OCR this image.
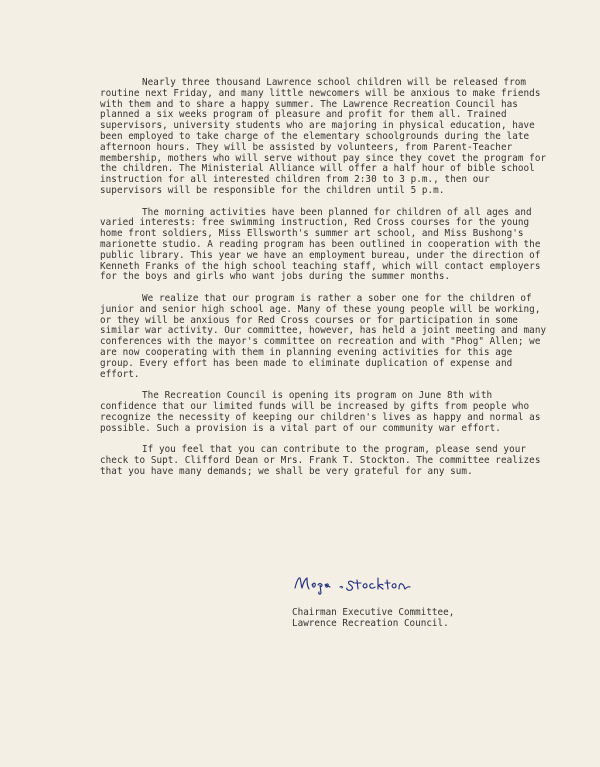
Nearly three thousand Lawrence school children will be released from routine next Friday, and many little newcomers will be anxious to make friends with them and to share a happy summer. The Lawrence Recreation Council has planned a six weeks program of pleasure and profit for them all. Trained supervisors, university students who are majoring in physical education, have been employed to take charge of the elementary schoolgrounds during the late afternoon hours. They will be assisted by volunteers, from Parent-Teacher membership, mothers who will serve without pay since they covet the program for the children. The Ministerial Alliance will offer a half hour of bible school instruction for all interested children from 2:30 to 3 p.m., then our supervisors will be responsible for the children until 5 p.m.

The morning activities have been planned for children of all ages and varied interests: free swimming instruction, Red Cross courses for the young home front soldiers, Miss Ellsworth's summer art school, and Miss Bushong's marionette studio. A reading program has been outlined in cooperation with the public library. This year we have an employment bureau, under the direction of Kenneth Franks of the high school teaching staff, which will contact employers for the boys and girls who want jobs during the summer months.

We realize that our program is rather a sober one for the children of junior and senior high school age. Many of these young people will be working, or they will be anxious for Red Cross courses or for participation in some similar war activity. Our committee, however, has held a joint meeting and many conferences with the mayor's committee on recreation and with "Phog" Allen; we are now cooperating with them in planning evening activities for this age group. Every effort has been made to eliminate duplication of expense and effort.

The Recreation Council is opening its program on June 8th with confidence that our limited funds will be increased by gifts from people who recognize the necessity of keeping our children's lives as happy and normal as possible. Such a provision is a vital part of our community war effort.

If you feel that you can contribute to the program, please send your check to Supt. Clifford Dean or Mrs. Frank T. Stockton. The committee realizes that you have many demands; we shall be very grateful for any sum.

Chairman Executive Committee,
Lawrence Recreation Council.
